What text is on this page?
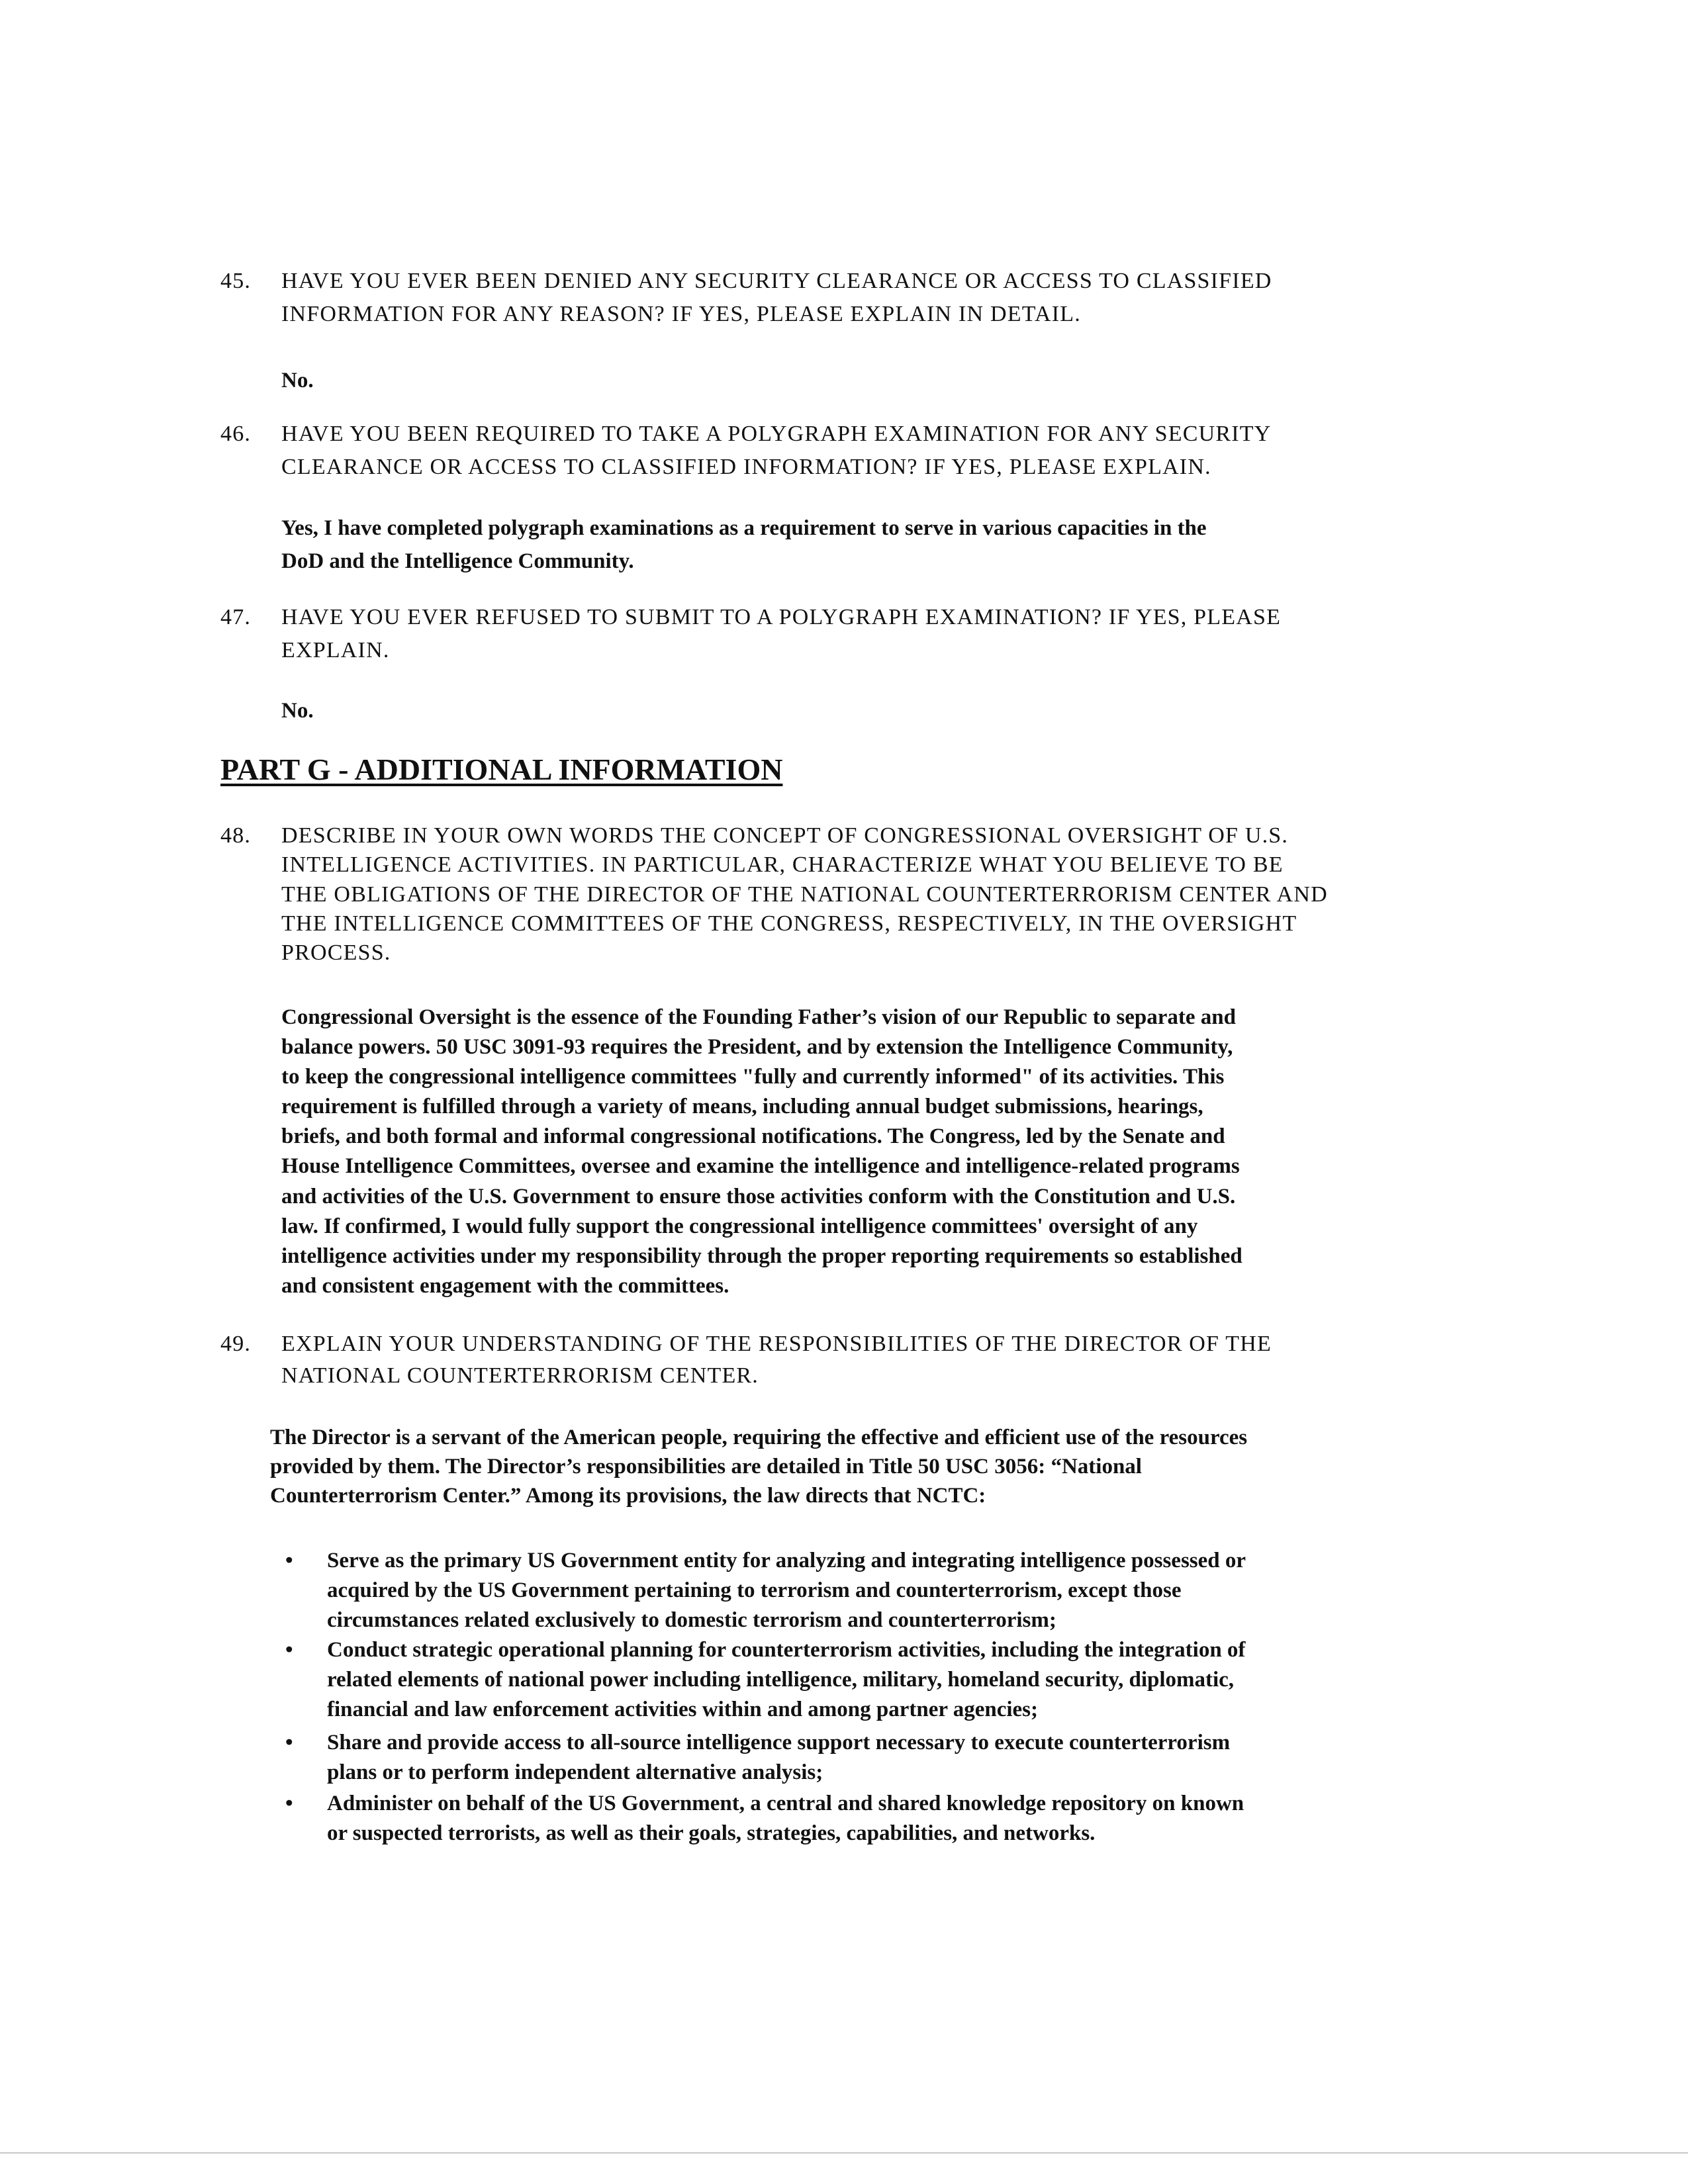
45. HAVE YOU EVER BEEN DENIED ANY SECURITY CLEARANCE OR ACCESS TO CLASSIFIED
INFORMATION FOR ANY REASON? IF YES, PLEASE EXPLAIN IN DETAIL.
No.
46. HAVE YOU BEEN REQUIRED TO TAKE A POLYGRAPH EXAMINATION FOR ANY SECURITY
CLEARANCE OR ACCESS TO CLASSIFIED INFORMATION? IF YES, PLEASE EXPLAIN.
Yes, I have completed polygraph examinations as a requirement to serve in various capacities in the
DoD and the Intelligence Community.
47. HAVE YOU EVER REFUSED TO SUBMIT TO A POLYGRAPH EXAMINATION? IF YES, PLEASE
EXPLAIN.
No.
PART G - ADDITIONAL INFORMATION
48. DESCRIBE IN YOUR OWN WORDS THE CONCEPT OF CONGRESSIONAL OVERSIGHT OF U.S.
INTELLIGENCE ACTIVITIES. IN PARTICULAR, CHARACTERIZE WHAT YOU BELIEVE TO BE
THE OBLIGATIONS OF THE DIRECTOR OF THE NATIONAL COUNTERTERRORISM CENTER AND
THE INTELLIGENCE COMMITTEES OF THE CONGRESS, RESPECTIVELY, IN THE OVERSIGHT
PROCESS.
Congressional Oversight is the essence of the Founding Father’s vision of our Republic to separate and
balance powers. 50 USC 3091-93 requires the President, and by extension the Intelligence Community,
to keep the congressional intelligence committees "fully and currently informed" of its activities. This
requirement is fulfilled through a variety of means, including annual budget submissions, hearings,
briefs, and both formal and informal congressional notifications. The Congress, led by the Senate and
House Intelligence Committees, oversee and examine the intelligence and intelligence-related programs
and activities of the U.S. Government to ensure those activities conform with the Constitution and U.S.
law. If confirmed, I would fully support the congressional intelligence committees' oversight of any
intelligence activities under my responsibility through the proper reporting requirements so established
and consistent engagement with the committees.
49. EXPLAIN YOUR UNDERSTANDING OF THE RESPONSIBILITIES OF THE DIRECTOR OF THE
NATIONAL COUNTERTERRORISM CENTER.
The Director is a servant of the American people, requiring the effective and efficient use of the resources
provided by them. The Director’s responsibilities are detailed in Title 50 USC 3056: “National
Counterterrorism Center.” Among its provisions, the law directs that NCTC:
• Serve as the primary US Government entity for analyzing and integrating intelligence possessed or
acquired by the US Government pertaining to terrorism and counterterrorism, except those
circumstances related exclusively to domestic terrorism and counterterrorism;
• Conduct strategic operational planning for counterterrorism activities, including the integration of
related elements of national power including intelligence, military, homeland security, diplomatic,
financial and law enforcement activities within and among partner agencies;
• Share and provide access to all-source intelligence support necessary to execute counterterrorism
plans or to perform independent alternative analysis;
• Administer on behalf of the US Government, a central and shared knowledge repository on known
or suspected terrorists, as well as their goals, strategies, capabilities, and networks.
